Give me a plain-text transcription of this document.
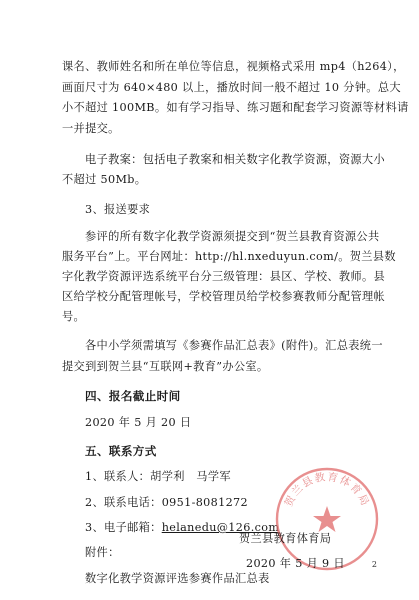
课名、教师姓名和所在单位等信息，视频格式采用 mp4（h264），
画面尺寸为 640×480 以上，播放时间一般不超过 10 分钟。总大
小不超过 100MB。如有学习指导、练习题和配套学习资源等材料请
一并提交。
电子教案：包括电子教案和相关数字化教学资源，资源大小
不超过 50Mb。
3、报送要求
参评的所有数字化教学资源须提交到“贺兰县教育资源公共
服务平台”上。平台网址：http://hl.nxeduyun.com/。贺兰县数
字化教学资源评选系统平台分三级管理：县区、学校、教师。县
区给学校分配管理帐号，学校管理员给学校参赛教师分配管理帐
号。
各中小学须需填写《参赛作品汇总表》(附件)。汇总表统一
提交到到贺兰县“互联网+教育”办公室。
四、报名截止时间
2020 年 5 月 20 日
五、联系方式
1、联系人：胡学利　马学军
2、联系电话：0951-8081272
3、电子邮箱：helanedu@126.com
附件：
数字化教学资源评选参赛作品汇总表
贺兰县教育体育局
贺兰县教育体育局
2020 年 5 月 9 日	2
